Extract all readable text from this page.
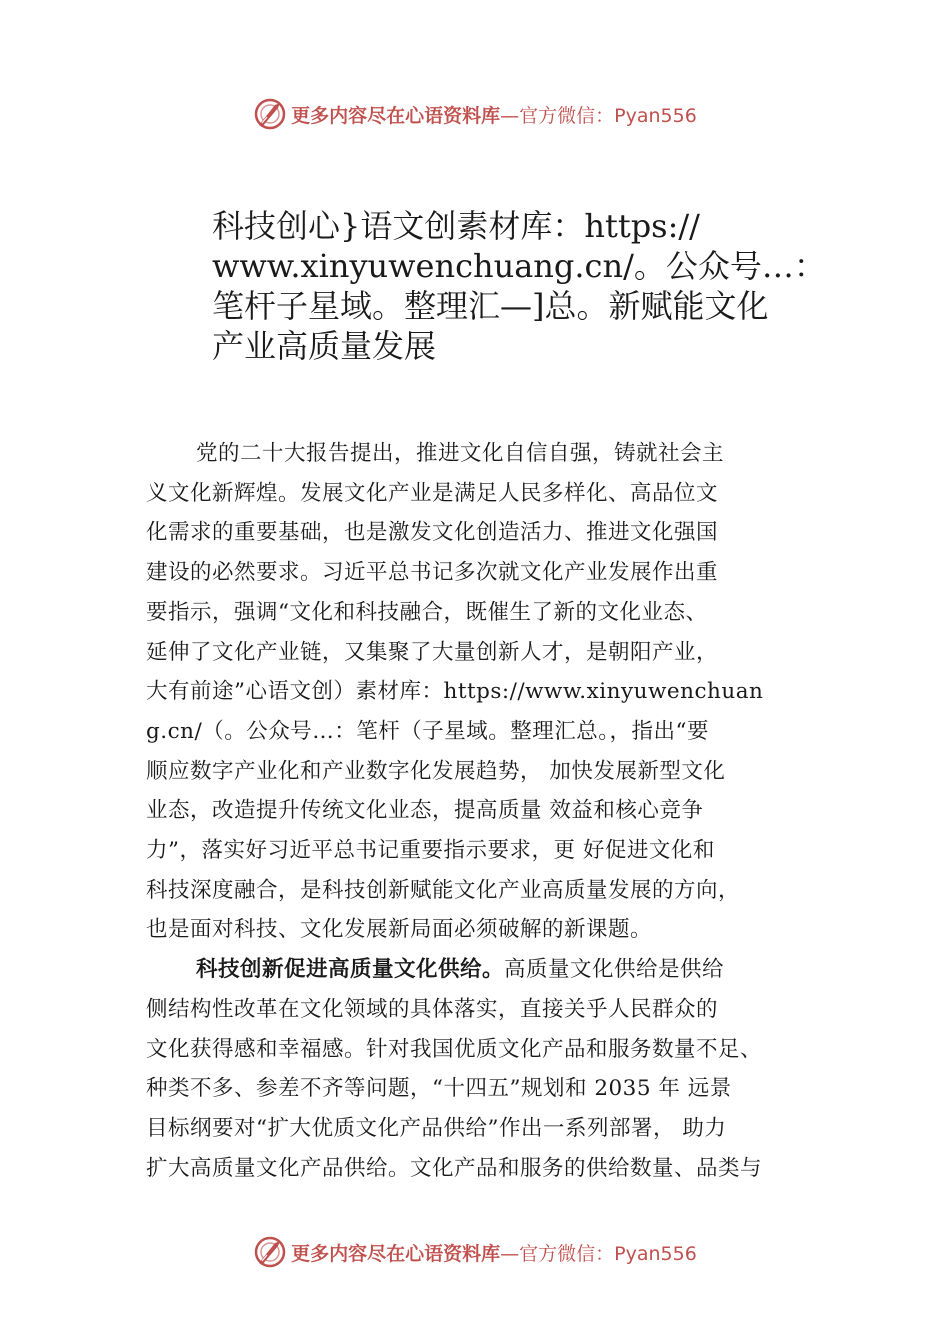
更多内容尽在心语资料库 —官方微信：Pyan556
科技创心}语文创素材库：https://
www.xinyuwenchuang.cn/。公众号…：
笔杆子星域。整理汇—]总。新赋能文化
产业高质量发展
党的二十大报告提出，推进文化自信自强，铸就社会主
义文化新辉煌。发展文化产业是满足人民多样化、高品位文
化需求的重要基础，也是激发文化创造活力、推进文化强国
建设的必然要求。习近平总书记多次就文化产业发展作出重
要指示，强调“文化和科技融合，既催生了新的文化业态、
延伸了文化产业链，又集聚了大量创新人才，是朝阳产业，
大有前途”心语文创）素材库：https://www.xinyuwenchuan
g.cn/（。公众号…：笔杆（子星域。整理汇总。，指出“要
顺应数字产业化和产业数字化发展趋势， 加快发展新型文化
业态，改造提升传统文化业态，提高质量 效益和核心竞争
力”，落实好习近平总书记重要指示要求，更 好促进文化和
科技深度融合，是科技创新赋能文化产业高质量发展的方向，
也是面对科技、文化发展新局面必须破解的新课题。
科技创新促进高质量文化供给。高质量文化供给是供给
侧结构性改革在文化领域的具体落实，直接关乎人民群众的
文化获得感和幸福感。针对我国优质文化产品和服务数量不足、
种类不多、参差不齐等问题，“十四五”规划和 2035 年 远景
目标纲要对“扩大优质文化产品供给”作出一系列部署， 助力
扩大高质量文化产品供给。文化产品和服务的供给数量、品类与
更多内容尽在心语资料库 —官方微信：Pyan556
